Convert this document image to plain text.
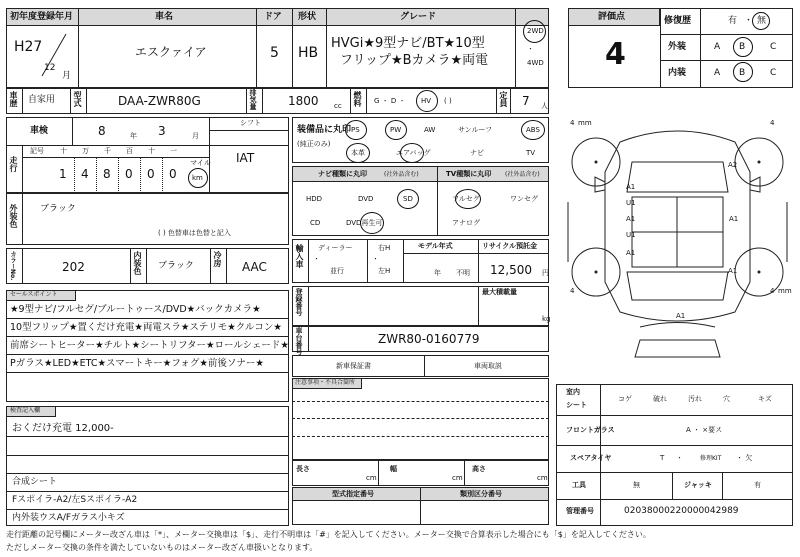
初年度登録年月	車名	ドア 形状	グレード
H27
12
月
エスクァイア	5 HB
HVGi★9型ナビ/BT★10型
フリップ★Bカメラ★両電
2WD
・
4WD
評価点
4
修復歴	有 ・ 無
外装	A B	C
内装	A B	C
車歴 自家用 型式	DAA-ZWR80G	排気量	1800 cc 燃料 G ・ D ・ HV ( )	定員 7 人
車検	8	年 3	月
シフト
IAT
走行
記号 十 万 千 百 十 一
1 4 8 0 0 0
マイル
km
外装色 ブラック
( ) 色替車は色替と記入
カラーNo.	202	内装色 ブラック 冷房 AAC
装備品に丸印
(純正のみ)
PS	PW	AW	サンルーフ	ABS
本革	エアバッグ	ナビ	TV
ナビ種類に丸印	(社外品含む)	TV種類に丸印 (社外品含む)
HDD	DVD	SD
CD	DVD再生可
フルセグ	ワンセグ
アナログ
輸入車 ディーラー
・
並行
右H
・
左H
モデル年式
年 不明
リサイクル預託金
12,500 円
登録番号	最大積載量
kg
車台番号	ZWR80-0160779
新車保証書	車両取説
注意事項・不具合箇所
長さ
cm
幅
cm
高さ
cm
型式指定番号	類別区分番号
セールスポイント
★9型ナビ/フルセグ/ブルートゥース/DVD★バックカメラ★
10型フリップ★置くだけ充電★両電スラ★ステリモ★クルコン★
前席シートヒーター★チルト★シートリフター★ロールシェード★
Pガラス★LED★ETC★スマートキー★フォグ★前後ソナー★
検査記入欄
おくだけ充電 12,000-
合成シート
Fスポイラ-A2/左Sスポイラ-A2
内外装ウスA/Fガラス小キズ
4	4
4	4
mm
mm
A2
A1
U1
A1	A1
U1
A1
A1
A1
室内
シート
コゲ	破れ	汚れ	穴	キズ
フロントガラス	A ・ ×要ス
スペアタイヤ	T ・	修理KIT ・ 欠
工具	無	ジャッキ	有
管理番号	02038000220000042989
走行距離の記号欄にメーター改ざん車は「*」、メーター交換車は「$」、走行不明車は「#」を記入してください。メーター交換で合算表示した場合にも「$」を記入してください。
ただしメーター交換の条件を満たしていないものはメーター改ざん車扱いとなります。
